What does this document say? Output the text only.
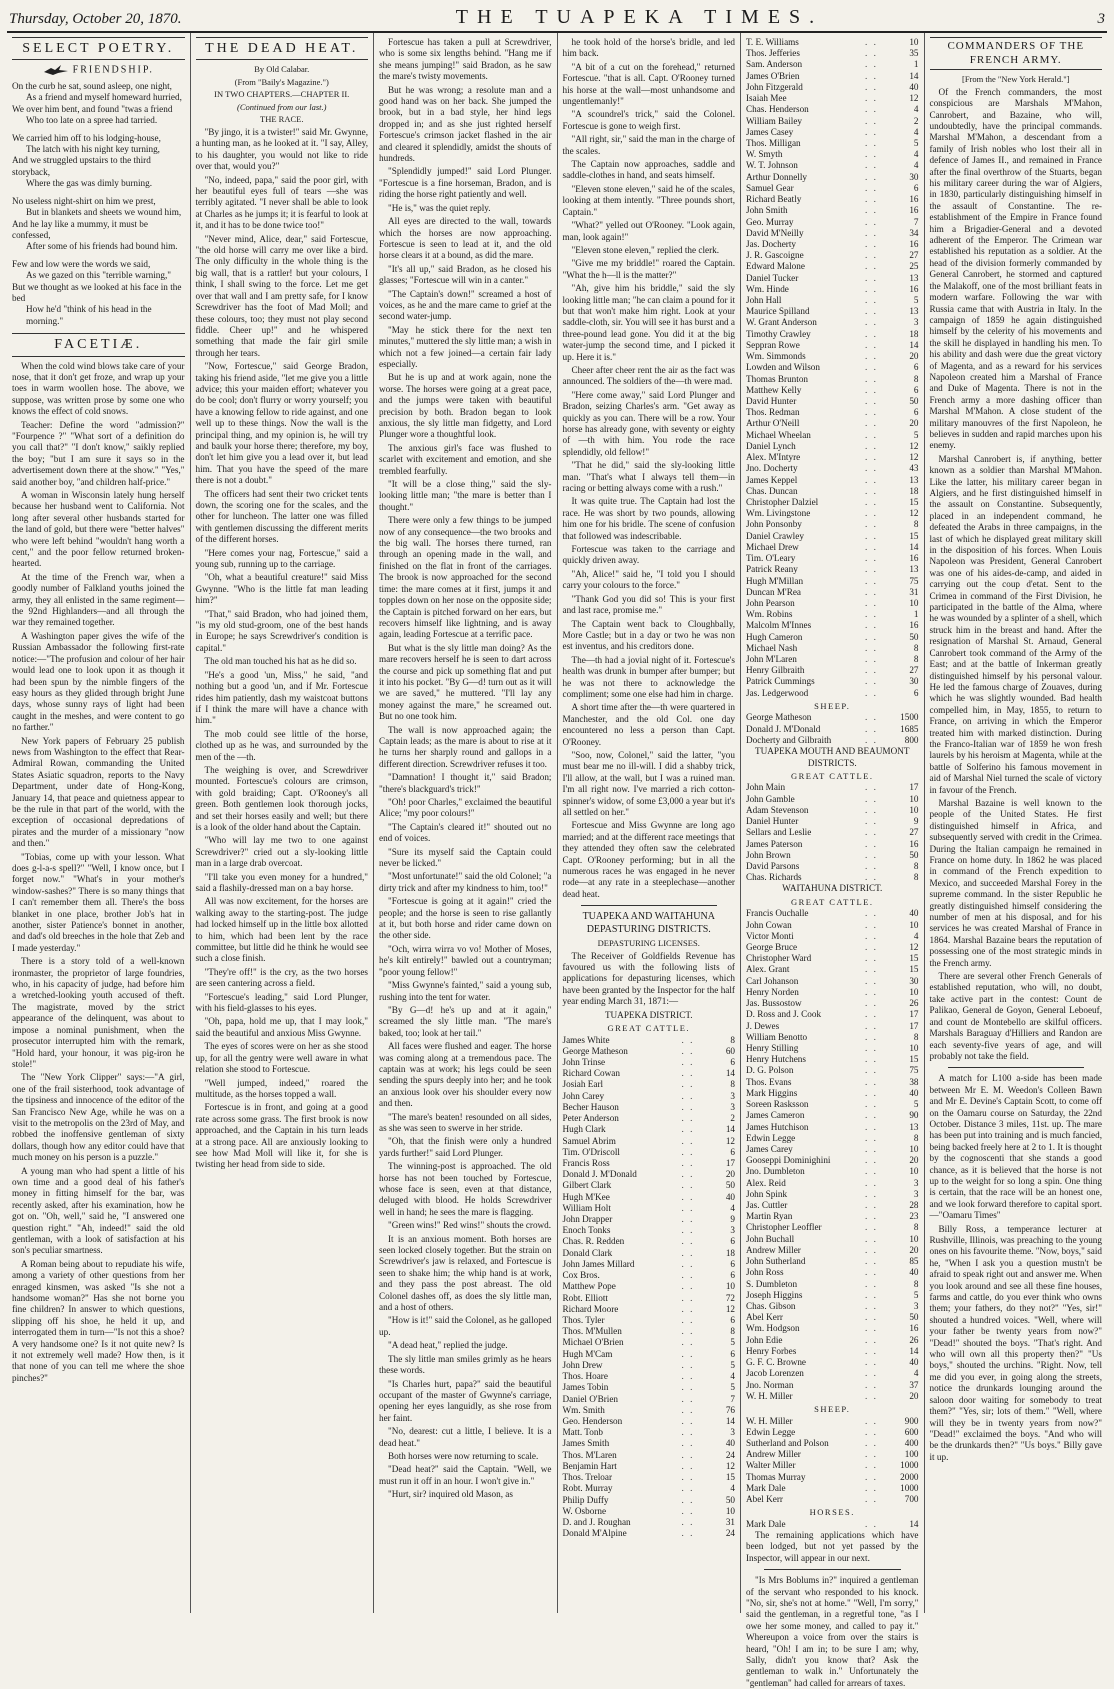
Thursday, October 20, 1870.	THE TUAPEKA TIMES.	3
SELECT POETRY.
FRIENDSHIP.

On the curb he sat, sound asleep, one night,

As a friend and myself homeward hurried,

We over him bent, and found "twas a friend

Who too late on a spree had tarried.

We carried him off to his lodging-house,

The latch with his night key turning,

And we struggled upstairs to the third storyback,

Where the gas was dimly burning.

No useless night-shirt on him we prest,

But in blankets and sheets we wound him,

And he lay like a mummy, it must be confessed,

After some of his friends had bound him.

Few and low were the words we said,

As we gazed on this "terrible warning,"

But we thought as we looked at his face in the bed

How he'd "think of his head in the morning."

FACETIÆ.

When the cold wind blows take care of your nose, that it don't get froze, and wrap up your toes in warm woollen hose. The above, we suppose, was written prose by some one who knows the effect of cold snows.

Teacher: Define the word "admission?" "Fourpence ?" "What sort of a definition do you call that?" "I don't know," saikly replied the boy; "but I am sure it says so in the advertisement down there at the show." "Yes," said another boy, "and children half-price."

A woman in Wisconsin lately hung herself because her husband went to California. Not long after several other husbands started for the land of gold, but there were "better halves" who were left behind "wouldn't hang worth a cent," and the poor fellow returned broken-hearted.

At the time of the French war, when a goodly number of Falkland youths joined the army, they all enlisted in the same regiment—the 92nd Highlanders—and all through the war they remained together.

A Washington paper gives the wife of the Russian Ambassador the following first-rate notice:—"The profusion and colour of her hair would lead one to look upon it as though it had been spun by the nimble fingers of the easy hours as they glided through bright June days, whose sunny rays of light had been caught in the meshes, and were content to go no farther."

New York papers of February 25 publish news from Washington to the effect that Rear-Admiral Rowan, commanding the United States Asiatic squadron, reports to the Navy Department, under date of Hong-Kong, January 14, that peace and quietness appear to be the rule in that part of the world, with the exception of occasional depredations of pirates and the murder of a missionary "now and then."

"Tobias, come up with your lesson. What does g-l-a-s spell?" "Well, I know once, but I forget now." "What's in your mother's window-sashes?" There is so many things that I can't remember them all. There's the boss blanket in one place, brother Job's hat in another, sister Patience's bonnet in another, and dad's old breeches in the hole that Zeb and I made yesterday."

There is a story told of a well-known ironmaster, the proprietor of large foundries, who, in his capacity of judge, had before him a wretched-looking youth accused of theft. The magistrate, moved by the strict appearance of the delinquent, was about to impose a nominal punishment, when the prosecutor interrupted him with the remark, "Hold hard, your honour, it was pig-iron he stole!"

The "New York Clipper" says:—"A girl, one of the frail sisterhood, took advantage of the tipsiness and innocence of the editor of the San Francisco New Age, while he was on a visit to the metropolis on the 23rd of May, and robbed the inoffensive gentleman of sixty dollars, though how any editor could have that much money on his person is a puzzle."

A young man who had spent a little of his own time and a good deal of his father's money in fitting himself for the bar, was recently asked, after his examination, how he got on. "Oh, well," said he, "I answered one question right." "Ah, indeed!" said the old gentleman, with a look of satisfaction at his son's peculiar smartness.

A Roman being about to repudiate his wife, among a variety of other questions from her enraged kinsmen, was asked "Is she not a handsome woman?" Has she not borne you fine children? In answer to which questions, slipping off his shoe, he held it up, and interrogated them in turn—"Is not this a shoe? A very handsome one? Is it not quite new? Is it not extremely well made? How then, is it that none of you can tell me where the shoe pinches?"

THE DEAD HEAT.

By Old Calabar.

(From "Baily's Magazine.")

IN TWO CHAPTERS.—CHAPTER II.

(Continued from our last.)

THE RACE.

"By jingo, it is a twister!" said Mr. Gwynne, a hunting man, as he looked at it. "I say, Alley, to his daughter, you would not like to ride over that, would you?"

"No, indeed, papa," said the poor girl, with her beautiful eyes full of tears —she was terribly agitated. "I never shall be able to look at Charles as he jumps it; it is fearful to look at it, and it has to be done twice too!"

"Never mind, Alice, dear," said Fortescue, "the old horse will carry me over like a bird. The only difficulty in the whole thing is the big wall, that is a rattler! but your colours, I think, I shall swing to the force. Let me get over that wall and I am pretty safe, for I know Screwdriver has the foot of Mad Moll; and these colours, too; they must not play second fiddle. Cheer up!" and he whispered something that made the fair girl smile through her tears.

"Now, Fortescue," said George Bradon, taking his friend aside, "let me give you a little advice; this your maiden effort; whatever you do be cool; don't flurry or worry yourself; you have a knowing fellow to ride against, and one well up to these things. Now the wall is the principal thing, and my opinion is, he will try and baulk your horse there; therefore, my boy, don't let him give you a lead over it, but lead him. That you have the speed of the mare there is not a doubt."

The officers had sent their two cricket tents down, the scoring one for the scales, and the other for luncheon. The latter one was filled with gentlemen discussing the different merits of the different horses.

"Here comes your nag, Fortescue," said a young sub, running up to the carriage.

"Oh, what a beautiful creature!" said Miss Gwynne. "Who is the little fat man leading him?"

"That," said Bradon, who had joined them, "is my old stud-groom, one of the best hands in Europe; he says Screwdriver's condition is capital."

The old man touched his hat as he did so.

"He's a good 'un, Miss," he said, "and nothing but a good 'un, and if Mr. Fortescue rides him patiently, dash my waistcoat buttons if I think the mare will have a chance with him."

The mob could see little of the horse, clothed up as he was, and surrounded by the men of the —th.

The weighing is over, and Screwdriver mounted. Fortescue's colours are crimson, with gold braiding; Capt. O'Rooney's all green. Both gentlemen look thorough jocks, and set their horses easily and well; but there is a look of the older hand about the Captain.

"Who will lay me two to one against Screwdriver?" cried out a sly-looking little man in a large drab overcoat.

"I'll take you even money for a hundred," said a flashily-dressed man on a bay horse.

All was now excitement, for the horses are walking away to the starting-post. The judge had locked himself up in the little box allotted to him, which had been lent by the race committee, but little did he think he would see such a close finish.

"They're off!" is the cry, as the two horses are seen cantering across a field.

"Fortescue's leading," said Lord Plunger, with his field-glasses to his eyes.

"Oh, papa, hold me up, that I may look," said the beautiful and anxious Miss Gwynne.

The eyes of scores were on her as she stood up, for all the gentry were well aware in what relation she stood to Fortescue.

"Well jumped, indeed," roared the multitude, as the horses topped a wall.

Fortescue is in front, and going at a good rate across some grass. The first brook is now approached, and the Captain in his turn leads at a strong pace. All are anxiously looking to see how Mad Moll will like it, for she is twisting her head from side to side.

Fortescue has taken a pull at Screwdriver, who is some six lengths behind. "Hang me if she means jumping!" said Bradon, as he saw the mare's twisty movements.

But he was wrong; a resolute man and a good hand was on her back. She jumped the brook, but in a bad style, her hind legs dropped in; and as she just righted herself Fortescue's crimson jacket flashed in the air and cleared it splendidly, amidst the shouts of hundreds.

"Splendidly jumped!" said Lord Plunger. "Fortescue is a fine horseman, Bradon, and is riding the horse right patiently and well.

"He is," was the quiet reply.

All eyes are directed to the wall, towards which the horses are now approaching. Fortescue is seen to lead at it, and the old horse clears it at a bound, as did the mare.

"It's all up," said Bradon, as he closed his glasses; "Fortescue will win in a canter."

"The Captain's down!" screamed a host of voices, as he and the mare came to grief at the second water-jump.

"May he stick there for the next ten minutes," muttered the sly little man; a wish in which not a few joined—a certain fair lady especially.

But he is up and at work again, none the worse. The horses were going at a great pace, and the jumps were taken with beautiful precision by both. Bradon began to look anxious, the sly little man fidgetty, and Lord Plunger wore a thoughtful look.

The anxious girl's face was flushed to scarlet with excitement and emotion, and she trembled fearfully.

"It will be a close thing," said the sly-looking little man; "the mare is better than I thought."

There were only a few things to be jumped now of any consequence—the two brooks and the big wall. The horses there turned, ran through an opening made in the wall, and finished on the flat in front of the carriages. The brook is now approached for the second time: the mare comes at it first, jumps it and topples down on her nose on the opposite side; the Captain is pitched forward on her ears, but recovers himself like lightning, and is away again, leading Fortescue at a terrific pace.

But what is the sly little man doing? As the mare recovers herself he is seen to dart across the course and pick up something flat and put it into his pocket. "By G—d! turn out as it will we are saved," he muttered. "I'll lay any money against the mare," he screamed out. But no one took him.

The wall is now approached again; the Captain leads; as the mare is about to rise at it he turns her sharply round and gallops in a different direction. Screwdriver refuses it too.

"Damnation! I thought it," said Bradon; "there's blackguard's trick!"

"Oh! poor Charles," exclaimed the beautiful Alice; "my poor colours!"

"The Captain's cleared it!" shouted out no end of voices.

"Sure its myself said the Captain could never be licked."

"Most unfortunate!" said the old Colonel; "a dirty trick and after my kindness to him, too!"

"Fortescue is going at it again!" cried the people; and the horse is seen to rise gallantly at it, but both horse and rider came down on the other side.

"Och, wirra wirra vo vo! Mother of Moses, he's kilt entirely!" bawled out a countryman; "poor young fellow!"

"Miss Gwynne's fainted," said a young sub, rushing into the tent for water.

"By G—d! he's up and at it again," screamed the sly little man. "The mare's baked, too; look at her tail."

All faces were flushed and eager. The horse was coming along at a tremendous pace. The captain was at work; his legs could be seen sending the spurs deeply into her; and he took an anxious look over his shoulder every now and then.

"The mare's beaten! resounded on all sides, as she was seen to swerve in her stride.

"Oh, that the finish were only a hundred yards further!" said Lord Plunger.

The winning-post is approached. The old horse has not been touched by Fortescue, whose face is seen, even at that distance, deluged with blood. He holds Screwdriver well in hand; he sees the mare is flagging.

"Green wins!" Red wins!" shouts the crowd.

It is an anxious moment. Both horses are seen locked closely together. But the strain on Screwdriver's jaw is relaxed, and Fortescue is seen to shake him; the whip hand is at work, and they pass the post abreast. The old Colonel dashes off, as does the sly little man, and a host of others.

"How is it!" said the Colonel, as he galloped up.

"A dead heat," replied the judge.

The sly little man smiles grimly as he hears these words.

"Is Charles hurt, papa?" said the beautiful occupant of the master of Gwynne's carriage, opening her eyes languidly, as she rose from her faint.

"No, dearest: cut a little, I believe. It is a dead heat."

Both horses were now returning to scale.

"Dead heat?" said the Captain. "Well, we must run it off in an hour. I won't give in."

"Hurt, sir? inquired old Mason, as

he took hold of the horse's bridle, and led him back.

"A bit of a cut on the forehead," returned Fortescue. "that is all. Capt. O'Rooney turned his horse at the wall—most unhandsome and ungentlemanly!"

"A scoundrel's trick," said the Colonel. Fortescue is gone to weigh first.

"All right, sir," said the man in the charge of the scales.

The Captain now approaches, saddle and saddle-clothes in hand, and seats himself.

"Eleven stone eleven," said he of the scales, looking at them intently. "Three pounds short, Captain."

"What?" yelled out O'Rooney. "Look again, man, look again!"

"Eleven stone eleven," replied the clerk.

"Give me my briddle!" roared the Captain. "What the h—ll is the matter?"

"Ah, give him his briddle," said the sly looking little man; "he can claim a pound for it but that won't make him right. Look at your saddle-cloth, sir. You will see it has burst and a three-pound lead gone. You did it at the big water-jump the second time, and I picked it up. Here it is."

Cheer after cheer rent the air as the fact was announced. The soldiers of the—th were mad.

"Here come away," said Lord Plunger and Bradon, seizing Charles's arm. "Get away as quickly as you can. There will be a row. Your horse has already gone, with seventy or eighty of —th with him. You rode the race splendidly, old fellow!"

"That he did," said the sly-looking little man. "That's what I always tell them—in racing or betting always come with a rush."

It was quite true. The Captain had lost the race. He was short by two pounds, allowing him one for his bridle. The scene of confusion that followed was indescribable.

Fortescue was taken to the carriage and quickly driven away.

"Ah, Alice!" said he, "I told you I should carry your colours to the force."

"Thank God you did so! This is your first and last race, promise me."

The Captain went back to Cloughbally, More Castle; but in a day or two he was non est inventus, and his creditors done.

The—th had a jovial night of it. Fortescue's health was drunk in bumper after bumper; but he was not there to acknowledge the compliment; some one else had him in charge.

A short time after the—th were quartered in Manchester, and the old Col. one day encountered no less a person than Capt. O'Rooney.

"Soo, now, Colonel," said the latter, "you must bear me no ill-will. I did a shabby trick, I'll allow, at the wall, but I was a ruined man. I'm all right now. I've married a rich cotton-spinner's widow, of some £3,000 a year but it's all settled on her."

Fortescue and Miss Gwynne are long ago married; and at the different race meetings that they attended they often saw the celebrated Capt. O'Rooney performing; but in all the numerous races he was engaged in he never rode—at any rate in a steeplechase—another dead heat.

TUAPEKA AND WAITAHUNA DEPASTURING DISTRICTS.

DEPASTURING LICENSES.

The Receiver of Goldfields Revenue has favoured us with the following lists of applications for depasturing licenses, which have been granted by the Inspector for the half year ending March 31, 1871:—

TUAPEKA DISTRICT.

GREAT CATTLE.
James White	. .	8
George Matheson	. .	60
John Trinse	. .	6
Richard Cowan	. .	14
Josiah Earl	. .	8
John Carey	. .	3
Becher Hauson	. .	3
Peter Anderson	. .	2
Hugh Clark	. .	14
Samuel Abrim	. .	12
Tim. O'Driscoll	. .	6
Francis Ross	. .	17
Donald J. M'Donald	. .	20
Gilbert Clark	. .	50
Hugh M'Kee	. .	40
William Holt	. .	4
John Drapper	. .	9
Enoch Tonks	. .	3
Chas. R. Redden	. .	6
Donald Clark	. .	18
John James Millard	. .	6
Cox Bros.	. .	6
Matthew Pope	. .	10
Robt. Elliott	. .	72
Richard Moore	. .	12
Thos. Tyler	. .	6
Thos. M'Mullen	. .	8
Michael O'Brien	. .	5
Hugh M'Cam	. .	6
John Drew	. .	5
Thos. Hoare	. .	4
James Tobin	. .	5
Daniel O'Brien	. .	7
Wm. Smith	. .	76
Geo. Henderson	. .	14
Matt. Tonb	. .	3
James Smith	. .	40
Thos. M'Laren	. .	24
Benjamin Hart	. .	12
Thos. Treloar	. .	15
Robt. Murray	. .	4
Philip Duffy	. .	50
W. Osborne	. .	10
D. and J. Roughan	. .	31
Donald M'Alpine	. .	24
T. E. Williams	. .	10
Thos. Jefferies	. .	35
Sam. Anderson	. .	1
James O'Brien	. .	14
John Fitzgerald	. .	40
Isaiah Mee	. .	12
Chas. Henderson	. .	4
William Bailey	. .	2
James Casey	. .	4
Thos. Milligan	. .	5
W. Smyth	. .	4
W. T. Johnson	. .	4
Arthur Donnelly	. .	30
Samuel Gear	. .	6
Richard Beatly	. .	16
John Smith	. .	16
Geo. Murray	. .	7
David M'Neilly	. .	34
Jas. Docherty	. .	16
J. R. Gascoigne	. .	27
Edward Malone	. .	25
Daniel Tucker	. .	13
Wm. Hinde	. .	16
John Hall	. .	5
Maurice Spilland	. .	13
W. Grant Anderson	. .	3
Timothy Crawley	. .	18
Seppran Rowe	. .	14
Wm. Simmonds	. .	20
Lowden and Wilson	. .	6
Thomas Brunton	. .	8
Matthew Kelly	. .	6
David Hunter	. .	50
Thos. Redman	. .	6
Arthur O'Neill	. .	20
Michael Wheelan	. .	5
Daniel Lynch	. .	12
Alex. M'Intyre	. .	12
Jno. Docherty	. .	43
James Keppel	. .	13
Chas. Duncan	. .	18
Christopher Dalziel	. .	15
Wm. Livingstone	. .	12
John Ponsonby	. .	8
Daniel Crawley	. .	15
Michael Drew	. .	14
Tim. O'Leary	. .	16
Patrick Reany	. .	13
Hugh M'Millan	. .	75
Duncan M'Rea	. .	31
John Pearson	. .	10
Wm. Robins	. .	1
Malcolm M'Innes	. .	16
Hugh Cameron	. .	50
Michael Nash	. .	8
John M'Laren	. .	8
Henry Gilbraith	. .	27
Patrick Cummings	. .	30
Jas. Ledgerwood	. .	6
SHEEP.
George Matheson	. .	1500
Donald J. M'Donald	. .	1685
Docherty and Gilbraith	. .	800

TUAPEKA MOUTH AND BEAUMONT DISTRICTS.

GREAT CATTLE.
John Main	. .	17
John Gamble	. .	10
Adam Stevenson	. .	10
Daniel Hunter	. .	9
Sellars and Leslie	. .	27
James Paterson	. .	16
John Brown	. .	50
David Parsons	. .	8
Chas. Richards	. .	8

WAITAHUNA DISTRICT.

GREAT CATTLE.
Francis Ouchalle	. .	40
John Cowan	. .	10
Victor Monti	. .	4
George Bruce	. .	12
Christopher Ward	. .	15
Alex. Grant	. .	15
Carl Johanson	. .	30
Henry Norden	. .	10
Jas. Bussostow	. .	26
D. Ross and J. Cook	. .	17
J. Dewes	. .	17
William Benotto	. .	8
Henry Stilling	. .	10
Henry Hutchens	. .	15
D. G. Polson	. .	75
Thos. Evans	. .	38
Mark Higgins	. .	40
Soreen Rasksson	. .	5
James Cameron	. .	90
James Hutchison	. .	13
Edwin Legge	. .	8
James Carey	. .	10
Gooseppi Dominighini	. .	20
Jno. Dumbleton	. .	10
Alex. Reid	. .	3
John Spink	. .	3
Jas. Cuttler	. .	28
Martin Ryan	. .	23
Christopher Leoffler	. .	8
John Buchall	. .	10
Andrew Miller	. .	20
John Sutherland	. .	85
John Ross	. .	40
S. Dumbleton	. .	8
Joseph Higgins	. .	5
Chas. Gibson	. .	3
Abel Kerr	. .	50
Wm. Hodgson	. .	16
John Edie	. .	26
Henry Forbes	. .	14
G. F. C. Browne	. .	40
Jacob Lorenzen	. .	4
Jno. Norman	. .	37
W. H. Miller	. .	20
SHEEP.
W. H. Miller	. .	900
Edwin Legge	. .	600
Sutherland and Polson	. .	400
Andrew Miller	. .	100
Walter Miller	. .	1000
Thomas Murray	. .	2000
Mark Dale	. .	1000
Abel Kerr	. .	700
HORSES.
Mark Dale	. .	14

The remaining applications which have been lodged, but not yet passed by the Inspector, will appear in our next.

"Is Mrs Boblums in?" inquired a gentleman of the servant who responded to his knock. "No, sir, she's not at home." "Well, I'm sorry," said the gentleman, in a regretful tone, "as I owe her some money, and called to pay it." Whereupon a voice from over the stairs is heard, "Oh! I am in; to be sure I am; why, Sally, didn't you know that? Ask the gentleman to walk in." Unfortunately the "gentleman" had called for arrears of taxes.

COMMANDERS OF THE FRENCH ARMY.

[From the "New York Herald."]

Of the French commanders, the most conspicious are Marshals M'Mahon, Canrobert, and Bazaine, who will, undoubtedly, have the principal commands. Marshal M'Mahon, a descendant from a family of Irish nobles who lost their all in defence of James II., and remained in France after the final overthrow of the Stuarts, began his military career during the war of Algiers, in 1830, particularly distinguishing himself in the assault of Constantine. The re-establishment of the Empire in France found him a Brigadier-General and a devoted adherent of the Emperor. The Crimean war established his reputation as a soldier. At the head of the division formerly commanded by General Canrobert, he stormed and captured the Malakoff, one of the most brilliant feats in modern warfare. Following the war with Russia came that with Austria in Italy. In the campaign of 1859 he again distinguished himself by the celerity of his movements and the skill he displayed in handling his men. To his ability and dash were due the great victory of Magenta, and as a reward for his services Napoleon created him a Marshal of France and Duke of Magenta. There is not in the French army a more dashing officer than Marshal M'Mahon. A close student of the military manouvres of the first Napoleon, he believes in sudden and rapid marches upon his enemy.

Marshal Canrobert is, if anything, better known as a soldier than Marshal M'Mahon. Like the latter, his military career began in Algiers, and he first distinguished himself in the assault on Constantine. Subsequently, placed in an independent command, he defeated the Arabs in three campaigns, in the last of which he displayed great military skill in the disposition of his forces. When Louis Napoleon was President, General Canrobert was one of his aides-de-camp, and aided in carrying out the coup d'etat. Sent to the Crimea in command of the First Division, he participated in the battle of the Alma, where he was wounded by a splinter of a shell, which struck him in the breast and hand. After the resignation of Marshal St. Arnaud, General Canrobert took command of the Army of the East; and at the battle of Inkerman greatly distinguished himself by his personal valour. He led the famous charge of Zouaves, during which he was slightly wounded. Bad health compelled him, in May, 1855, to return to France, on arriving in which the Emperor treated him with marked distinction. During the Franco-Italian war of 1859 he won fresh laurels by his heroism at Magenta, while at the battle of Solferino his famous movement in aid of Marshal Niel turned the scale of victory in favour of the French.

Marshal Bazaine is well known to the people of the United States. He first distinguished himself in Africa, and subsequently served with credit in the Crimea. During the Italian campaign he remained in France on home duty. In 1862 he was placed in command of the French expedition to Mexico, and succeeded Marshal Forey in the supreme command. In the sister Republic he greatly distinguished himself considering the number of men at his disposal, and for his services he was created Marshal of France in 1864. Marshal Bazaine bears the reputation of possessing one of the most strategic minds in the French army.

There are several other French Generals of established reputation, who will, no doubt, take active part in the contest: Count de Palikao, General de Goyon, General Leboeuf, and count de Montebello are skilful officers. Marshals Baraguay d'Hilliers and Randon are each seventy-five years of age, and will probably not take the field.

A match for L100 a-side has been made between Mr E. M. Weedon's Colleen Bawn and Mr E. Devine's Captain Scott, to come off on the Oamaru course on Saturday, the 22nd October. Distance 3 miles, 11st. up. The mare has been put into training and is much fancied, being backed freely here at 2 to 1. It is thought by the cognoscenti that she stands a good chance, as it is believed that the horse is not up to the weight for so long a spin. One thing is certain, that the race will be an honest one, and we look forward therefore to capital sport.—"Oamaru Times"

Billy Ross, a temperance lecturer at Rushville, Illinois, was preaching to the young ones on his favourite theme. "Now, boys," said he, "When I ask you a question mustn't be afraid to speak right out and answer me. When you look around and see all these fine houses, farms and cattle, do you ever think who owns them; your fathers, do they not?" "Yes, sir!" shouted a hundred voices. "Well, where will your father be twenty years from now?" "Dead!" shouted the boys. "That's right. And who will own all this property then?" "Us boys," shouted the urchins. "Right. Now, tell me did you ever, in going along the streets, notice the drunkards lounging around the saloon door waiting for somebody to treat them?" "Yes, sir; lots of them." "Well, where will they be in twenty years from now?" "Dead!" exclaimed the boys. "And who will be the drunkards then?" "Us boys." Billy gave it up.
